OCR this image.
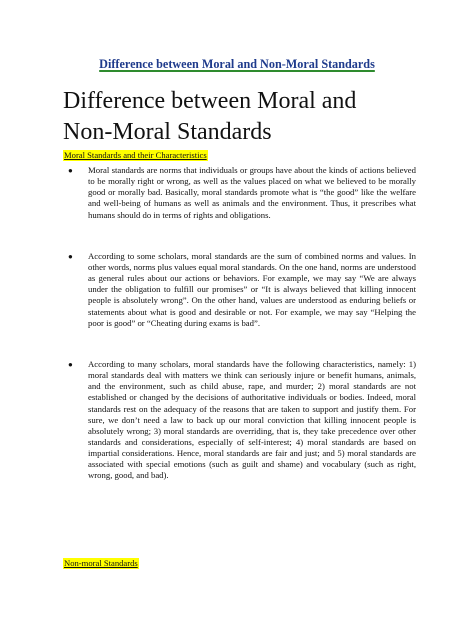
Difference between Moral and Non-Moral Standards
Difference between Moral and
Non-Moral Standards
Moral Standards and their Characteristics
● Moral standards are norms that individuals or groups have about the kinds of actions believed to be morally right or wrong, as well as the values placed on what we believed to be morally good or morally bad. Basically, moral standards promote what is “the good” like the welfare and well-being of humans as well as animals and the environment. Thus, it prescribes what humans should do in terms of rights and obligations.
● According to some scholars, moral standards are the sum of combined norms and values. In other words, norms plus values equal moral standards. On the one hand, norms are understood as general rules about our actions or behaviors. For example, we may say “We are always under the obligation to fulfill our promises” or “It is always believed that killing innocent people is absolutely wrong”. On the other hand, values are understood as enduring beliefs or statements about what is good and desirable or not. For example, we may say “Helping the poor is good” or “Cheating during exams is bad”.
● According to many scholars, moral standards have the following characteristics, namely: 1) moral standards deal with matters we think can seriously injure or benefit humans, animals, and the environment, such as child abuse, rape, and murder; 2) moral standards are not established or changed by the decisions of authoritative individuals or bodies. Indeed, moral standards rest on the adequacy of the reasons that are taken to support and justify them. For sure, we don’t need a law to back up our moral conviction that killing innocent people is absolutely wrong; 3) moral standards are overriding, that is, they take precedence over other standards and considerations, especially of self-interest; 4) moral standards are based on impartial considerations. Hence, moral standards are fair and just; and 5) moral standards are associated with special emotions (such as guilt and shame) and vocabulary (such as right, wrong, good, and bad).
Non-moral Standards
